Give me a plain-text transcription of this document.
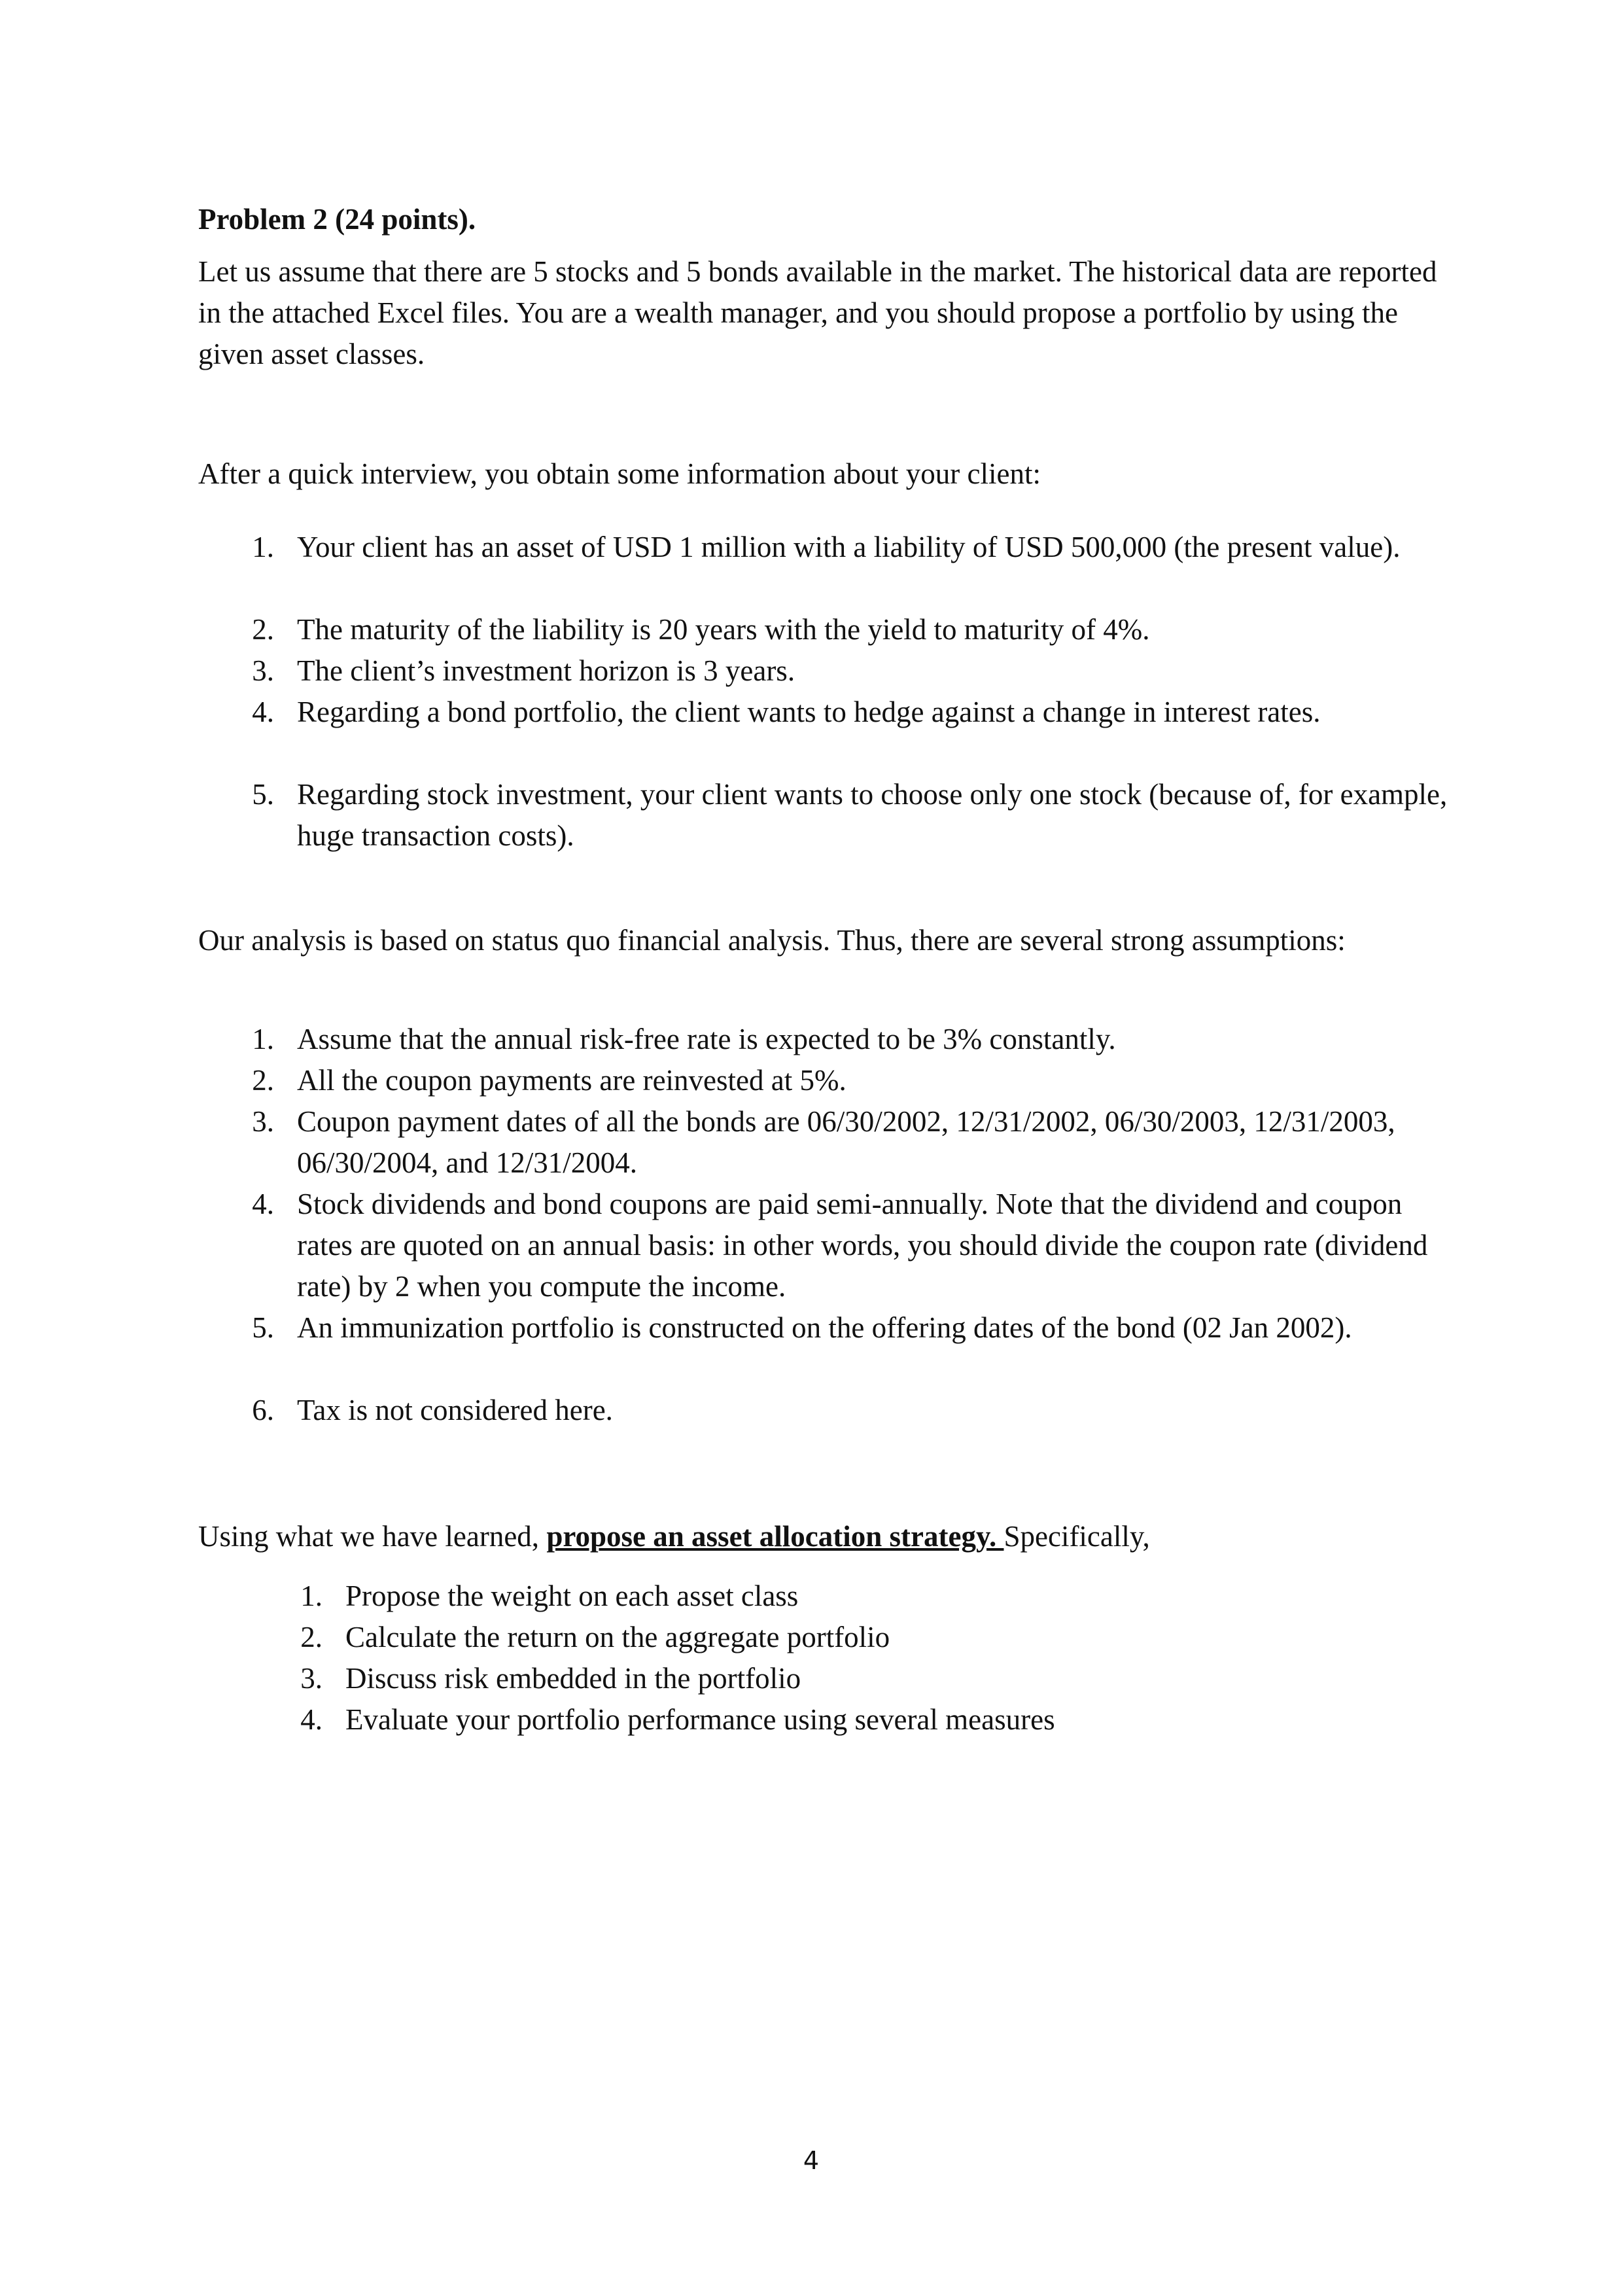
Problem 2 (24 points).
Let us assume that there are 5 stocks and 5 bonds available in the market. The historical data are reported in the attached Excel files. You are a wealth manager, and you should propose a portfolio by using the given asset classes.
After a quick interview, you obtain some information about your client:
1. Your client has an asset of USD 1 million with a liability of USD 500,000 (the present value).
2. The maturity of the liability is 20 years with the yield to maturity of 4%.
3. The client’s investment horizon is 3 years.
4. Regarding a bond portfolio, the client wants to hedge against a change in interest rates.
5. Regarding stock investment, your client wants to choose only one stock (because of, for example, huge transaction costs).
Our analysis is based on status quo financial analysis. Thus, there are several strong assumptions:
1. Assume that the annual risk-free rate is expected to be 3% constantly.
2. All the coupon payments are reinvested at 5%.
3. Coupon payment dates of all the bonds are 06/30/2002, 12/31/2002, 06/30/2003, 12/31/2003, 06/30/2004, and 12/31/2004.
4. Stock dividends and bond coupons are paid semi-annually. Note that the dividend and coupon rates are quoted on an annual basis: in other words, you should divide the coupon rate (dividend rate) by 2 when you compute the income.
5. An immunization portfolio is constructed on the offering dates of the bond (02 Jan 2002).
6. Tax is not considered here.
Using what we have learned, propose an asset allocation strategy. Specifically,
1. Propose the weight on each asset class
2. Calculate the return on the aggregate portfolio
3. Discuss risk embedded in the portfolio
4. Evaluate your portfolio performance using several measures
4
